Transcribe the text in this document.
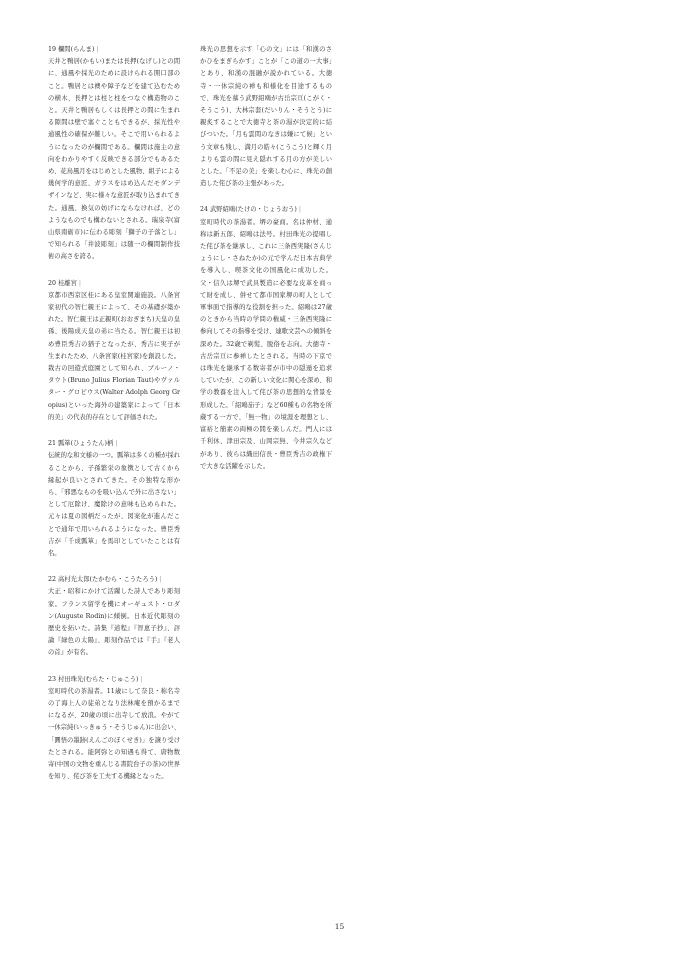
19 欄間(らんま) |

天井と鴨居(かもい)または長押(なげし)との間に、通風や採光のために設けられる開口部のこと。鴨居とは襖や障子などを建て込むための横木、長押とは柱と柱をつなぐ構造物のこと。天井と鴨居もしくは長押との間に生まれる隙間は壁で塞ぐこともできるが、採光性や通風性の確保が難しい。そこで用いられるようになったのが欄間である。欄間は施主の意向をわかりやすく反映できる部分でもあるため、花鳥風月をはじめとした風物、組子による幾何学的意匠、ガラスをはめ込んだモダンデザインなど、実に様々な意匠が取り込まれてきた。通風、換気の妨げにならなければ、どのようなものでも構わないとされる。瑞泉寺(富山県南砺市)に伝わる彫刻「獅子の子落とし」で知られる「井波彫刻」は随一の欄間制作技術の高さを誇る。

20 桂離宮 |

京都市西京区桂にある皇室関連施設。八条宮家初代の智仁親王によって、その基礎が築かれた。智仁親王は正親町(おおぎまち)天皇の皇孫、後陽成天皇の弟に当たる。智仁親王は初め豊臣秀吉の猶子となったが、秀吉に実子が生まれたため、八条宮家(桂宮家)を創設した。栽古の回遊式庭園として知られ、ブルーノ・タウト(Bruno Julius Florian Taut)やヴァルター・グロピウス(Walter Adolph Georg Gropius)といった海外の建築家によって「日本的美」の代表的存在として評価された。

21 瓢箪(ひょうたん)柄 |

伝統的な和文様の一つ。瓢箪は多くの種が採れることから、子孫繁栄の象徴として古くから縁起が良いとされてきた。その独特な形から、「邪悪なものを吸い込んで外に出さない」として厄除け、魔除けの意味も込められた。元々は夏の図柄だったが、図案化が進んだことで通年で用いられるようになった。豊臣秀吉が「千成瓢箪」を馬印としていたことは有名。

22 高村光太郎(たかむら・こうたろう) |

大正・昭和にかけて活躍した詩人であり彫刻家。フランス留学を機にオーギュスト・ロダン(Auguste Rodin)に傾倒。日本近代彫刻の歴史を拓いた。詩集『道程』『智恵子抄』、評論『緑色の太陽』、彫刻作品では『手』『老人の首』が有名。

23 村田珠光(むらた・じゅこう) |

室町時代の茶湯者。11歳にして奈良・称名寺の了海上人の徒弟となり法林庵を預かるまでになるが、20歳の頃に出寺して放浪。やがて一休宗純(いっきゅう・そうじゅん)に出会い、「圜悟の墨跡(えんごのぼくせき)」を譲り受けたとされる。能阿弥との知遇も得て、唐物数寄(中国の文物を重んじる書院台子の茶)の世界を知り、侘び茶を工夫する機縁となった。

珠光の思想を示す「心の文」には「和漢のさかひをまぎらかす」ことが「この道の一大事」とあり、和漢の混融が説かれている。大徳寺・一休宗純の禅も和様化を目途するもので、珠光を慕う武野紹鴎が古岳宗亘(こがく・そうこう)、大林宗套(だいりん・そうとう)に親炙することで大徳寺と茶の湯が決定的に結びついた。「月も雲間のなきは嫌にて候」という文章も残し、満月の皓々(こうこう)と輝く月よりも雲の間に見え隠れする月の方が美しいとした。「不足の美」を楽しむ心に、珠光の創造した侘び茶の主張があった。

24 武野紹鴎(たけの・じょうおう) |

室町時代の茶湯者。堺の豪商。名は仲材、通称は新五郎、紹鴎は法号。村田珠光の提唱した侘び茶を継承し、これに三条西実隆(さんじょうにし・さねたか)の元で学んだ日本古典学を導入し、喫茶文化の国風化に成功した。父・信久は堺で武具製造に必要な皮革を商って財を成し、併せて都市国家堺の町人として軍事面で指導的な役割を担った。紹鴎は27歳のときから当時の学問の権威・三条西実隆に参向してその指導を受け、連歌文芸への傾斜を深めた。32歳で剃髪、脱俗を志向。大徳寺・古岳宗亘に参禅したとされる。当時の下京では珠光を継承する数寄者が市中の隠遁を追求していたが、この新しい文化に関心を深め、和学の教養を注入して侘び茶の思想的な背景を形成した。「紹鴎茄子」など60種もの名物を所蔵する一方で、「無一物」の境涯を理想とし、富裕と簡素の両極の間を楽しんだ。門人には千利休、津田宗及、山岡宗無、今井宗久などがあり、彼らは織田信長・豊臣秀吉の政権下で大きな活躍を示した。

15
